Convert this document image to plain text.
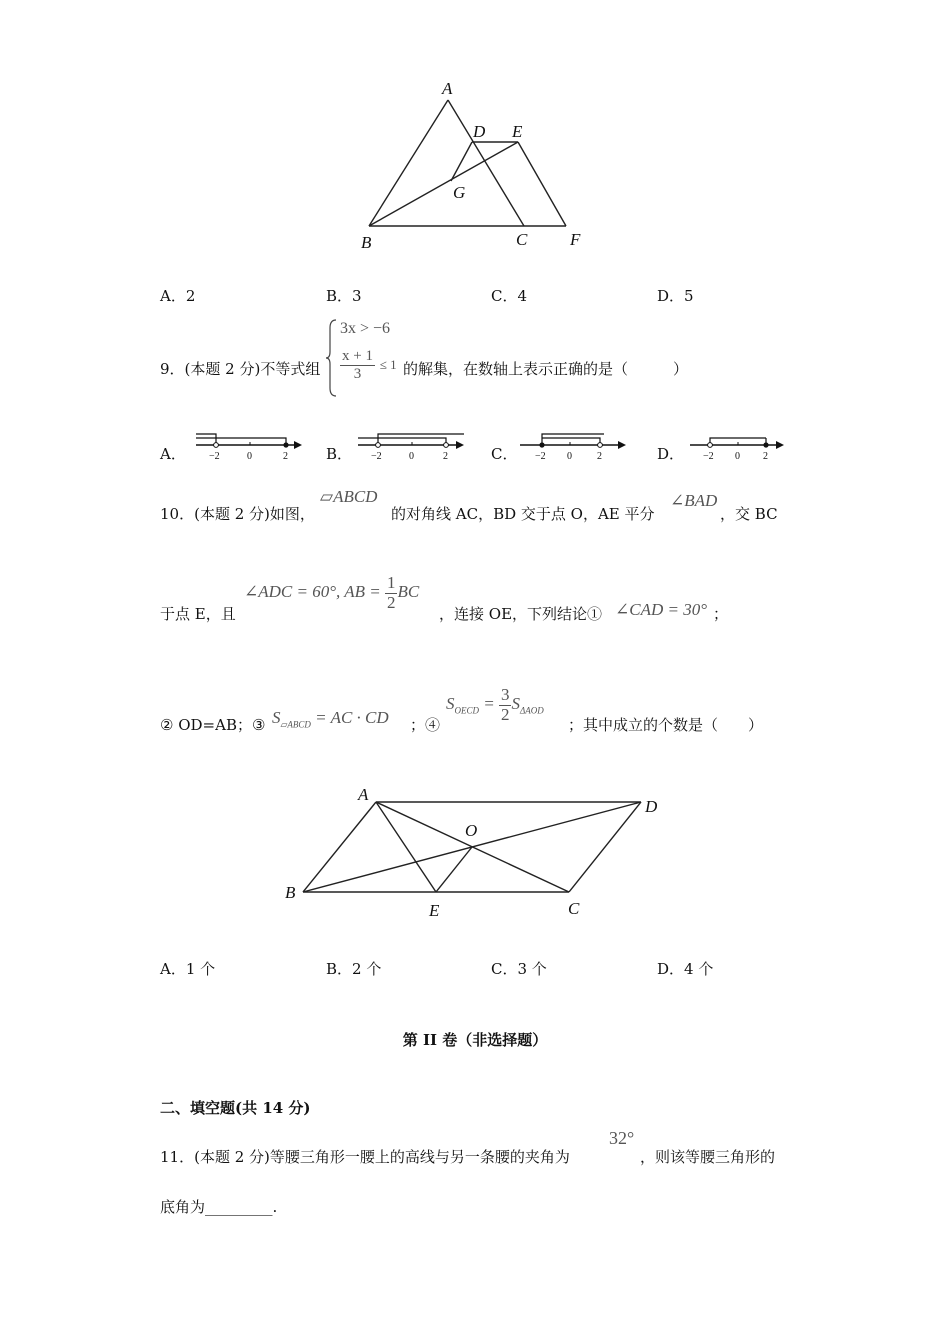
A
D E
G
B	C	F
A．2	B．3	C．4	D．5
9．(本题 2 分)不等式组
3x > −6
$\frac{x + 1}{3} \le 1$ 的解集，在数轴上表示正确的是（　　　）
A． −2	0	2	B． −2	0	2	C． −2 0	2	D． −2 0 2
10．(本题 2 分)如图，
▱ABCD
的对角线 AC，BD 交于点 O，AE 平分
∠BAD
，交 BC
于点 E，且
∠ADC = 60°, AB = $\frac{1}{2}$ BC
，连接 OE，下列结论① ∠CAD = 30° ；
② OD=AB；③ $S_{▱ABCD}$ = AC · CD ；④
$S_{OECD} = \frac{3}{2} S_{\Delta AOD}$
；其中成立的个数是（　　）
A
D
O
B
E	C
A．1 个	B．2 个	C．3 个	D．4 个
第 II 卷（非选择题）
二、填空题(共 14 分)
11．(本题 2 分)等腰三角形一腰上的高线与另一条腰的夹角为
32°
，则该等腰三角形的
底角为_________.
